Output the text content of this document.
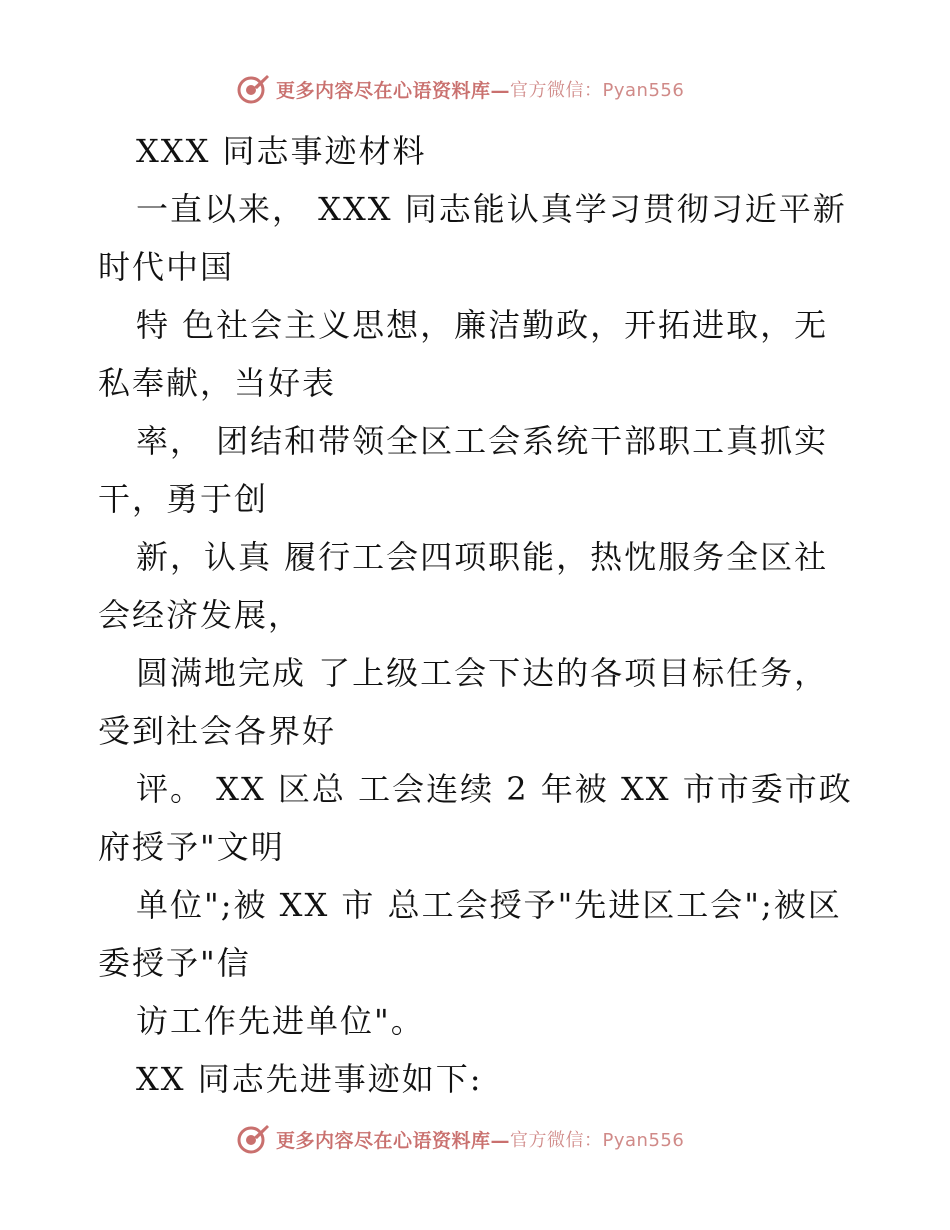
更多内容尽在心语资料库— 官方微信：Pyan556
XXX 同志事迹材料
一直以来， XXX 同志能认真学习贯彻习近平新
时代中国
特 色社会主义思想，廉洁勤政，开拓进取，无
私奉献，当好表
率， 团结和带领全区工会系统干部职工真抓实
干，勇于创
新，认真 履行工会四项职能，热忱服务全区社
会经济发展，
圆满地完成 了上级工会下达的各项目标任务，
受到社会各界好
评。 XX 区总 工会连续 2 年被 XX 市市委市政
府授予"文明
单位";被 XX 市 总工会授予"先进区工会";被区
委授予"信
访工作先进单位"。
XX 同志先进事迹如下:
更多内容尽在心语资料库— 官方微信：Pyan556
